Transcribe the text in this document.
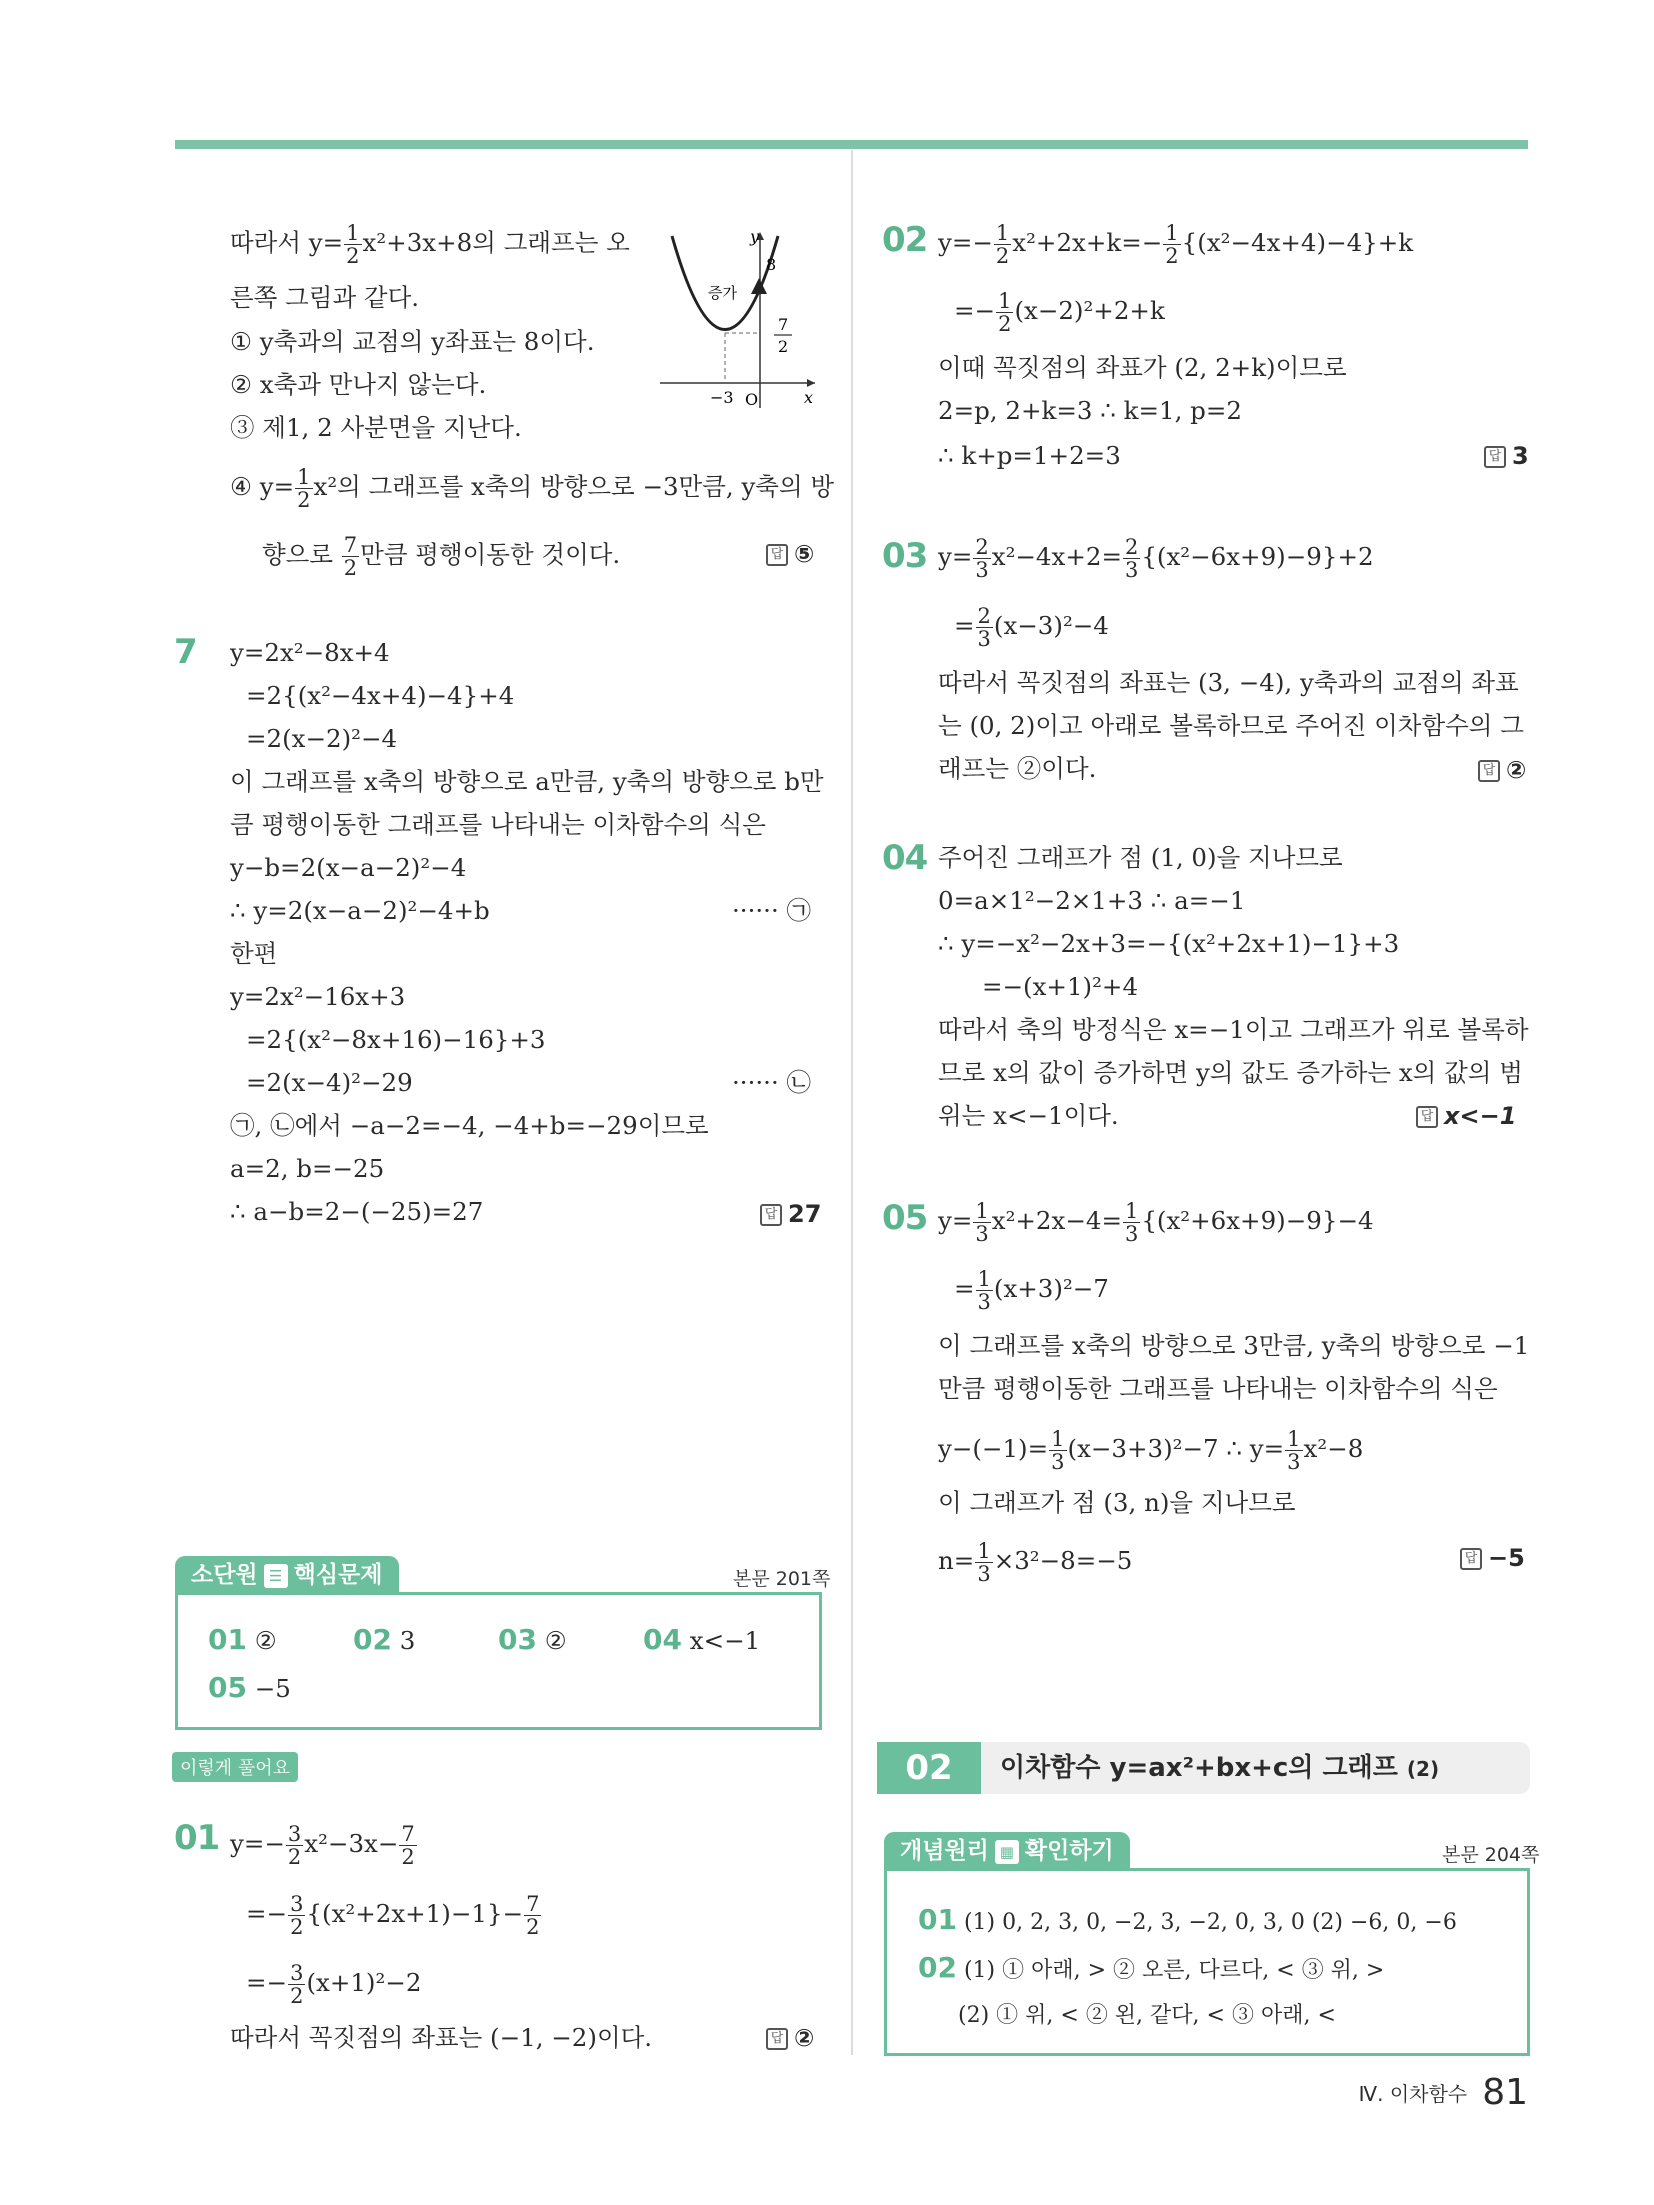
따라서 $y= \frac{1}{2} x^2+3x+8$의 그래프는 오
른쪽 그림과 같다.
① y축과의 교점의 y좌표는 8이다.
② x축과 만나지 않는다.
③ 제1, 2 사분면을 지난다.
④ $y= \frac{1}{2} x^2$의 그래프를 x축의 방향으로 −3만큼, y축의 방
향으로 $\frac{7}{2}$ 만큼 평행이동한 것이다.	답 ⑤
y
8
증가
7
2
−3 O	x
7 y=2x²−8x+4
=2{(x²−4x+4)−4}+4
=2(x−2)²−4
이 그래프를 x축의 방향으로 a만큼, y축의 방향으로 b만
큼 평행이동한 그래프를 나타내는 이차함수의 식은
y−b=2(x−a−2)²−4
∴ y=2(x−a−2)²−4+b	······ ㉠
한편
y=2x²−16x+3
=2{(x²−8x+16)−16}+3
=2(x−4)²−29	······ ㉡
㉠, ㉡에서 −a−2=−4, −4+b=−29이므로
a=2, b=−25
∴ a−b=2−(−25)=27	답 27
소단원 ☰ 핵심문제	본문 201쪽
01 ②	02 3	03 ②	04 x<−1
05 −5
이렇게 풀어요
01 $y=- \frac{3}{2} x^2-3x- \frac{7}{2}$
=− $\frac{3}{2} \{(x^2+2x+1)-1\}- \frac{7}{2}$
=− $\frac{3}{2} (x+1)^2-2$
따라서 꼭짓점의 좌표는 (−1, −2)이다.	답 ②
02 $y=- \frac{1}{2} x^2+2x+k=- \frac{1}{2} \{(x^2-4x+4)-4\}+k$
=− $\frac{1}{2} (x-2)^2+2+k$
이때 꼭짓점의 좌표가 (2, 2+k)이므로
2=p, 2+k=3 ∴ k=1, p=2
∴ k+p=1+2=3	답 3
03 $y= \frac{2}{3} x^2-4x+2= \frac{2}{3} \{(x^2-6x+9)-9\}+2$
= $\frac{2}{3} (x-3)^2-4$
따라서 꼭짓점의 좌표는 (3, −4), y축과의 교점의 좌표
는 (0, 2)이고 아래로 볼록하므로 주어진 이차함수의 그
래프는 ②이다.	답 ②
04 주어진 그래프가 점 (1, 0)을 지나므로
0=a×1²−2×1+3 ∴ a=−1
∴ y=−x²−2x+3=−{(x²+2x+1)−1}+3
=−(x+1)²+4
따라서 축의 방정식은 x=−1이고 그래프가 위로 볼록하
므로 x의 값이 증가하면 y의 값도 증가하는 x의 값의 범
위는 x<−1이다.	답 x<−1
05 $y= \frac{1}{3} x^2+2x-4= \frac{1}{3} \{(x^2+6x+9)-9\}-4$
= $\frac{1}{3} (x+3)^2-7$
이 그래프를 x축의 방향으로 3만큼, y축의 방향으로 −1
만큼 평행이동한 그래프를 나타내는 이차함수의 식은
$y-(-1)= \frac{1}{3} (x-3+3)^2-7$ ∴ $y= \frac{1}{3} x^2-8$
이 그래프가 점 (3, n)을 지나므로
$n= \frac{1}{3} \times 3^2-8=-5$	답 −5
02	이차함수 y=ax²+bx+c의 그래프 (2)
개념원리 ▦ 확인하기	본문 204쪽
01 (1) 0, 2, 3, 0, −2, 3, −2, 0, 3, 0 (2) −6, 0, −6
02 (1) ① 아래, > ② 오른, 다르다, < ③ 위, >
(2) ① 위, < ② 왼, 같다, < ③ 아래, <
Ⅳ. 이차함수 81
